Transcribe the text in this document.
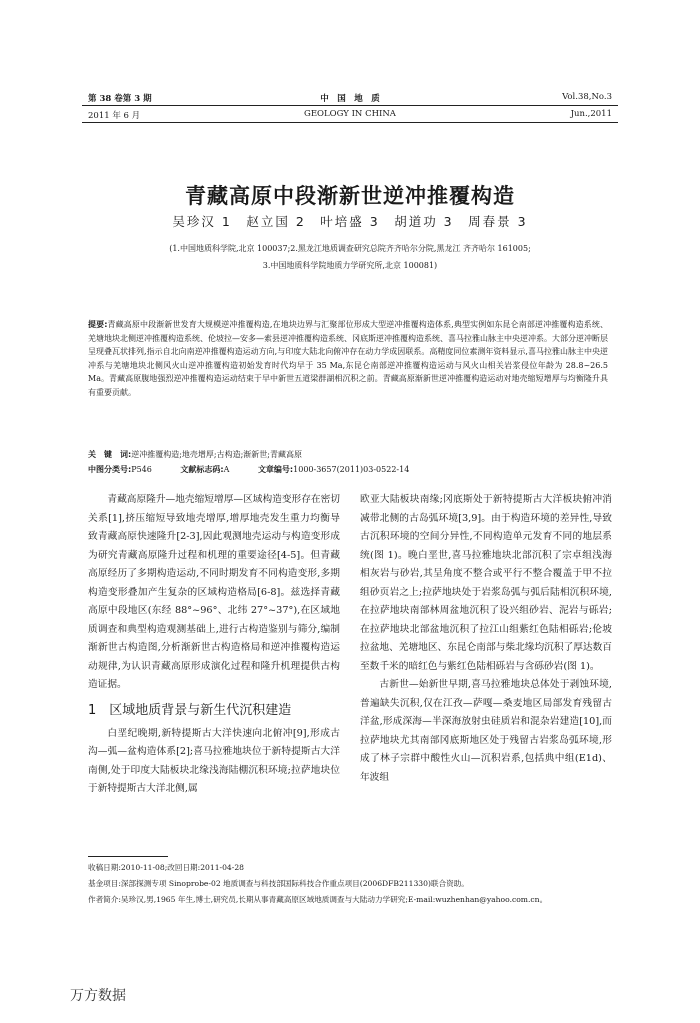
第 38 卷第 3 期
2011 年 6 月
中　国　地　质
GEOLOGY IN CHINA
Vol.38,No.3
Jun.,2011
青藏高原中段渐新世逆冲推覆构造
吴珍汉 1　赵立国 2　叶培盛 3　胡道功 3　周春景 3
(1.中国地质科学院,北京 100037;2.黑龙江地质调查研究总院齐齐哈尔分院,黑龙江 齐齐哈尔 161005;
3.中国地质科学院地质力学研究所,北京 100081)
提要:青藏高原中段渐新世发育大规模逆冲推覆构造,在地块边界与汇聚部位形成大型逆冲推覆构造体系,典型实例如东昆仑南部逆冲推覆构造系统、羌塘地块北侧逆冲推覆构造系统、伦坡拉—安多—索县逆冲推覆构造系统、冈底斯逆冲推覆构造系统、喜马拉雅山脉主中央逆冲系。大部分逆冲断层呈现叠瓦状排列,指示自北向南逆冲推覆构造运动方向,与印度大陆北向俯冲存在动力学成因联系。高精度同位素测年资料显示,喜马拉雅山脉主中央逆冲系与羌塘地块北侧风火山逆冲推覆构造初始发育时代均早于 35 Ma,东昆仑南部逆冲推覆构造运动与风火山相关岩浆侵位年龄为 28.8~26.5 Ma。青藏高原腹地强烈逆冲推覆构造运动结束于早中新世五道梁群湖相沉积之前。青藏高原渐新世逆冲推覆构造运动对地壳缩短增厚与均衡隆升具有重要贡献。
关　键　词:逆冲推覆构造;地壳增厚;古构造;渐新世;青藏高原
中图分类号:P546	文献标志码:A	文章编号:1000-3657(2011)03-0522-14

青藏高原隆升—地壳缩短增厚—区域构造变形存在密切关系[1],挤压缩短导致地壳增厚,增厚地壳发生重力均衡导致青藏高原快速隆升[2-3],因此观测地壳运动与构造变形成为研究青藏高原隆升过程和机理的重要途径[4-5]。但青藏高原经历了多期构造运动,不同时期发育不同构造变形,多期构造变形叠加产生复杂的区域构造格局[6-8]。兹选择青藏高原中段地区(东经 88°~96°、北纬 27°~37°),在区域地质调查和典型构造观测基础上,进行古构造鉴别与筛分,编制渐新世古构造图,分析渐新世古构造格局和逆冲推覆构造运动规律,为认识青藏高原形成演化过程和隆升机理提供古构造证据。

1　区域地质背景与新生代沉积建造

白垩纪晚期,新特提斯古大洋快速向北俯冲[9],形成古沟—弧—盆构造体系[2];喜马拉雅地块位于新特提斯古大洋南侧,处于印度大陆板块北缘浅海陆棚沉积环境;拉萨地块位于新特提斯古大洋北侧,属

欧亚大陆板块南缘;冈底斯处于新特提斯古大洋板块俯冲消减带北侧的古岛弧环境[3,9]。由于构造环境的差异性,导致古沉积环境的空间分异性,不同构造单元发育不同的地层系统(图 1)。晚白垩世,喜马拉雅地块北部沉积了宗卓组浅海相灰岩与砂岩,其呈角度不整合或平行不整合覆盖于甲不拉组砂页岩之上;拉萨地块处于岩浆岛弧与弧后陆相沉积环境,在拉萨地块南部林周盆地沉积了设兴组砂岩、泥岩与砾岩;在拉萨地块北部盆地沉积了拉江山组紫红色陆相砾岩;伦坡拉盆地、羌塘地区、东昆仑南部与柴北缘均沉积了厚达数百至数千米的暗红色与紫红色陆相砾岩与含砾砂岩(图 1)。

古新世—始新世早期,喜马拉雅地块总体处于剥蚀环境,普遍缺失沉积,仅在江孜—萨嘎—桑麦地区局部发育残留古洋盆,形成深海—半深海放射虫硅质岩和混杂岩建造[10],而拉萨地块尤其南部冈底斯地区处于残留古岩浆岛弧环境,形成了林子宗群中酸性火山—沉积岩系,包括典中组(E1d)、年波组

收稿日期:2010-11-08;改回日期:2011-04-28
基金项目:深部探测专项 Sinoprobe-02 地质调查与科技部国际科技合作重点项目(2006DFB211330)联合资助。
作者简介:吴珍汉,男,1965 年生,博士,研究员,长期从事青藏高原区域地质调查与大陆动力学研究;E-mail:wuzhenhan@yahoo.com.cn。
万方数据
